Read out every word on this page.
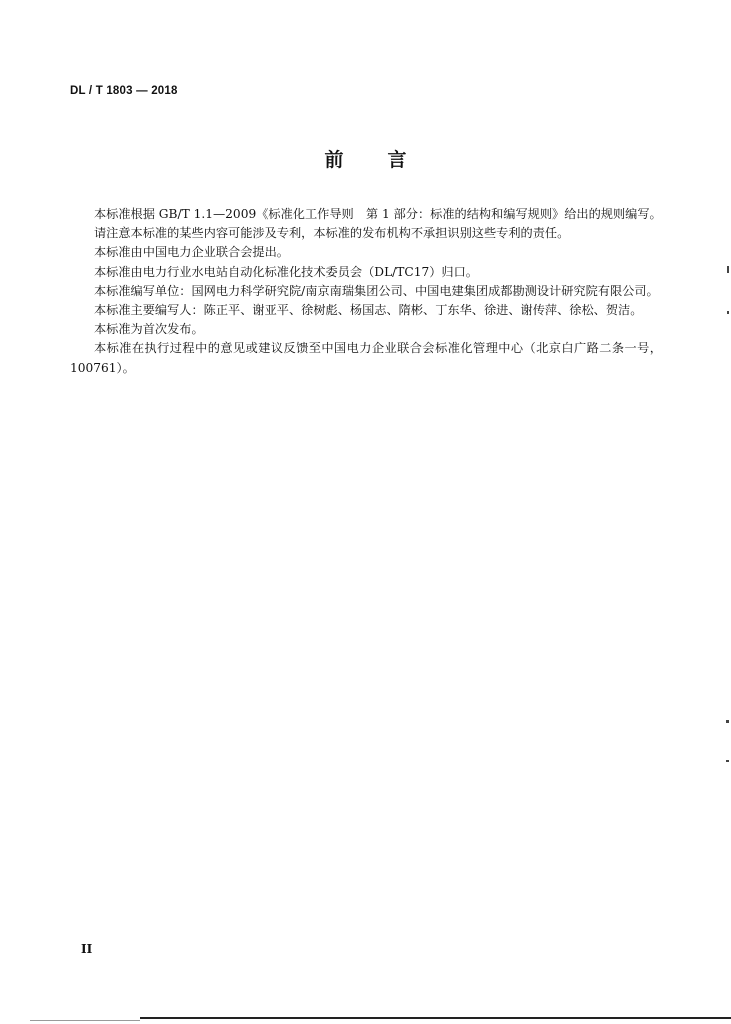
DL / T 1803 — 2018
前言

本标准根据 GB/T 1.1—2009《标准化工作导则　第 1 部分：标准的结构和编写规则》给出的规则编写。

请注意本标准的某些内容可能涉及专利，本标准的发布机构不承担识别这些专利的责任。

本标准由中国电力企业联合会提出。

本标准由电力行业水电站自动化标准化技术委员会（DL/TC17）归口。

本标准编写单位：国网电力科学研究院/南京南瑞集团公司、中国电建集团成都勘测设计研究院有限公司。

本标准主要编写人：陈正平、谢亚平、徐树彪、杨国志、隋彬、丁东华、徐进、谢传萍、徐松、贺洁。

本标准为首次发布。

本标准在执行过程中的意见或建议反馈至中国电力企业联合会标准化管理中心（北京白广路二条一号，100761）。

II
